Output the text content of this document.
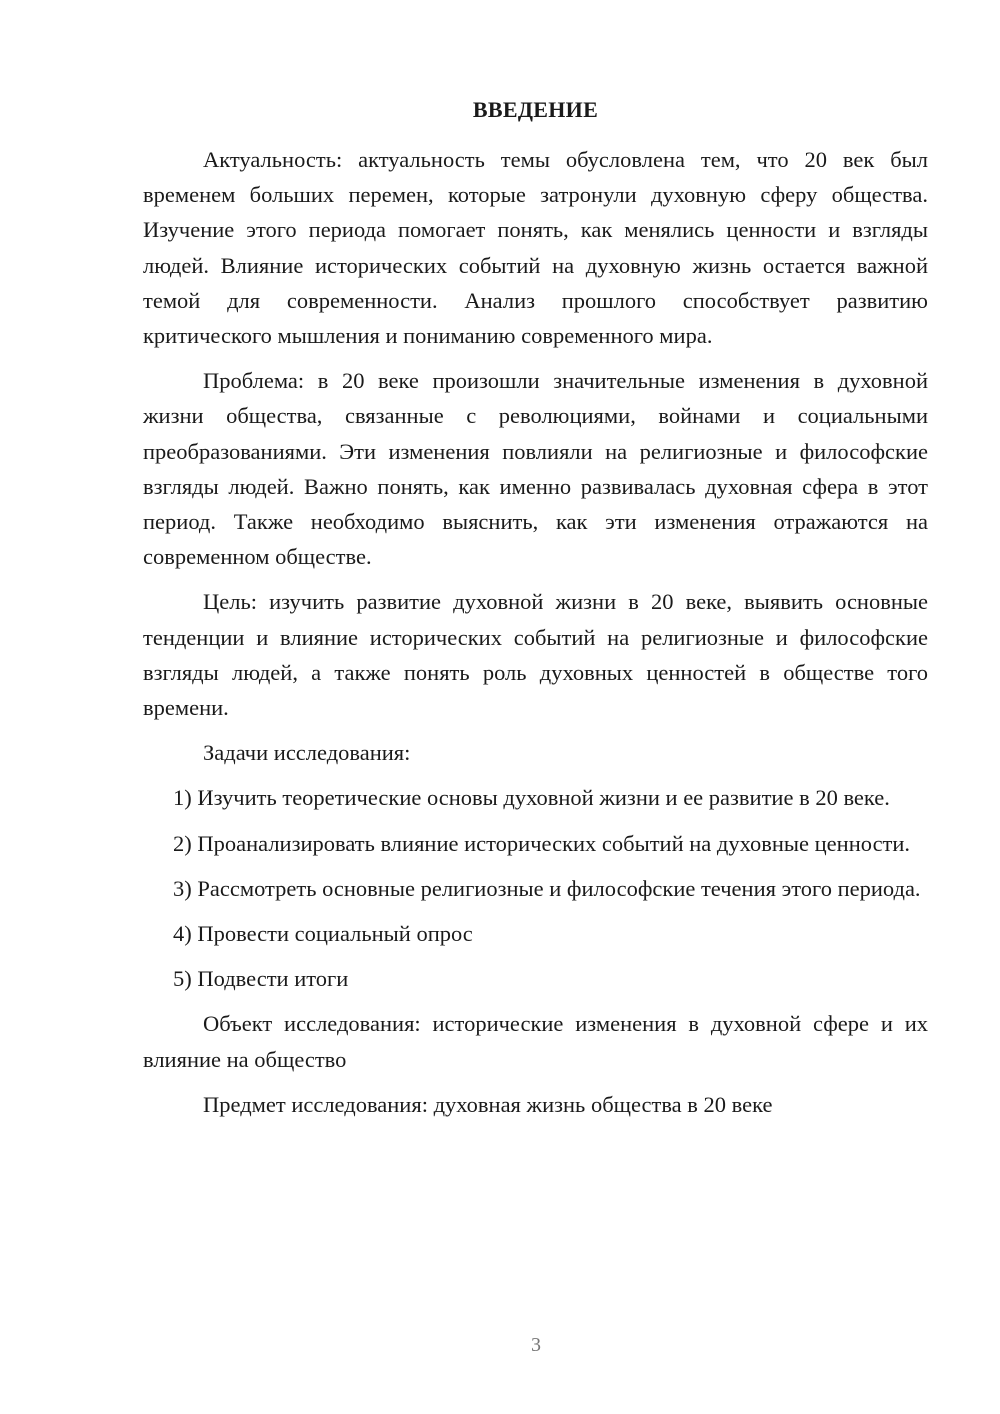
ВВЕДЕНИЕ

Актуальность: актуальность темы обусловлена тем, что 20 век был временем больших перемен, которые затронули духовную сферу общества. Изучение этого периода помогает понять, как менялись ценности и взгляды людей. Влияние исторических событий на духовную жизнь остается важной темой для современности. Анализ прошлого способствует развитию критического мышления и пониманию современного мира.

Проблема: в 20 веке произошли значительные изменения в духовной жизни общества, связанные с революциями, войнами и социальными преобразованиями. Эти изменения повлияли на религиозные и философские взгляды людей. Важно понять, как именно развивалась духовная сфера в этот период. Также необходимо выяснить, как эти изменения отражаются на современном обществе.

Цель: изучить развитие духовной жизни в 20 веке, выявить основные тенденции и влияние исторических событий на религиозные и философские взгляды людей, а также понять роль духовных ценностей в обществе того времени.

Задачи исследования:

1) Изучить теоретические основы духовной жизни и ее развитие в 20 веке.

2) Проанализировать влияние исторических событий на духовные ценности.

3) Рассмотреть основные религиозные и философские течения этого периода.

4) Провести социальный опрос

5) Подвести итоги

Объект исследования: исторические изменения в духовной сфере и их влияние на общество

Предмет исследования: духовная жизнь общества в 20 веке

3
